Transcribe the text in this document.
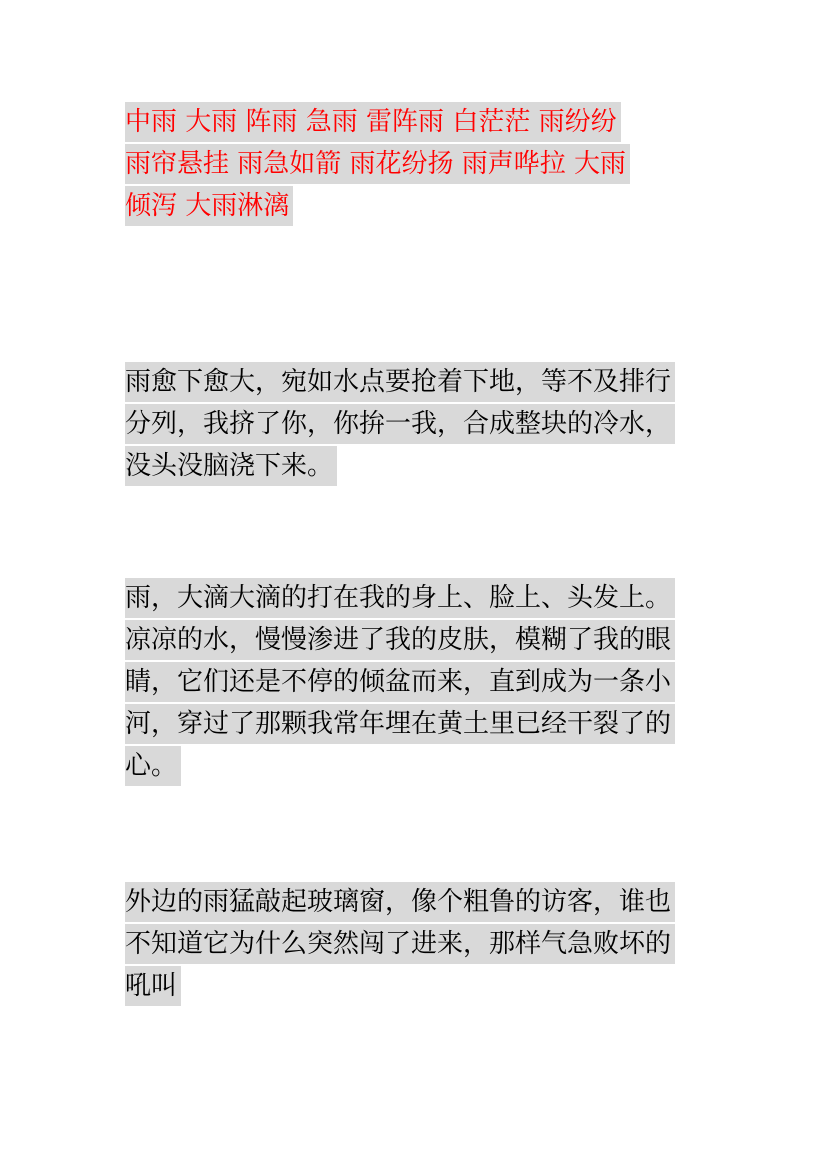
中雨 大雨 阵雨 急雨 雷阵雨 白茫茫 雨纷纷
雨帘悬挂 雨急如箭 雨花纷扬 雨声哗拉 大雨
倾泻 大雨淋漓
雨愈下愈大，宛如水点要抢着下地，等不及排行
分列，我挤了你，你拚一我，合成整块的冷水，
没头没脑浇下来。
雨，大滴大滴的打在我的身上、脸上、头发上。
凉凉的水，慢慢渗进了我的皮肤，模糊了我的眼
睛，它们还是不停的倾盆而来，直到成为一条小
河，穿过了那颗我常年埋在黄土里已经干裂了的
心。
外边的雨猛敲起玻璃窗，像个粗鲁的访客，谁也
不知道它为什么突然闯了进来，那样气急败坏的
吼叫
